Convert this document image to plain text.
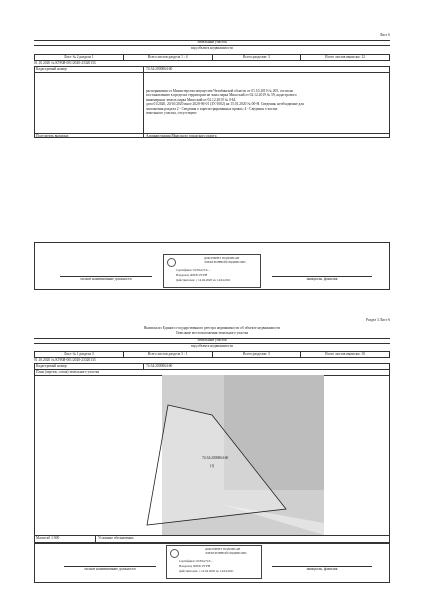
Лист 6
Земельный участок
вид объекта недвижимости
Лист № 2 раздела 1	Всего листов раздела 1 : 4	Всего разделов: 3	Всего листов выписки: 12
01.10.2020 № КУВИ-001/2020-23320133
Кадастровый номер:	74:34:2000064:60
распоряжения от Министерства имущества Челябинской области от 01.10.2019 № 205, согласно
постановлению в пределах территории не зоны парка Миасский от 02.12.2019 № 59, кадастрового
инженерных земель парка Миасский от 02.12.2019 № 0-Ы,
дата 01/2020, 20/10/2020 иное 2020-06-01 (ЗУ/1002) на 15.01.2020 № 00-Н. Сведения, необходимые для
заполнения раздела 2 - Сведения о зарегистрированных правах; 4 - Сведения о частях
земельного участка, отсутствуют.
Получатель выписки:	Администрация Миасского городского округа
полное наименование должности	инициалы, фамилия
ДОКУМЕНТ ПОДПИСАН
ЭЛЕКТРОННОЙ ПОДПИСЬЮ
Сертификат: 01E9A7C0...
Владелец: ФГИС ЕГРН
Действителен: с 14.04.2020 по 14.04.2021
Раздел 3 Лист 6
Выписка из Единого государственного реестра недвижимости об объекте недвижимости
Описание местоположения земельного участка
Земельный участок
вид объекта недвижимости
Лист № 1 раздела 3	Всего листов раздела 3 : 1	Всего разделов: 3	Всего листов выписки: 10
01.10.2020 № КУВИ-001/2020-23320133
Кадастровый номер:	74:34:2000064:60
План (чертеж, схема) земельного участка
74:34:2000064:60
(1)
Масштаб 1:500	Условные обозначения:
полное наименование должности	инициалы, фамилия
ДОКУМЕНТ ПОДПИСАН
ЭЛЕКТРОННОЙ ПОДПИСЬЮ
Сертификат: 01E9A7C0...
Владелец: ФГИС ЕГРН
Действителен: с 14.04.2020 по 14.04.2021
